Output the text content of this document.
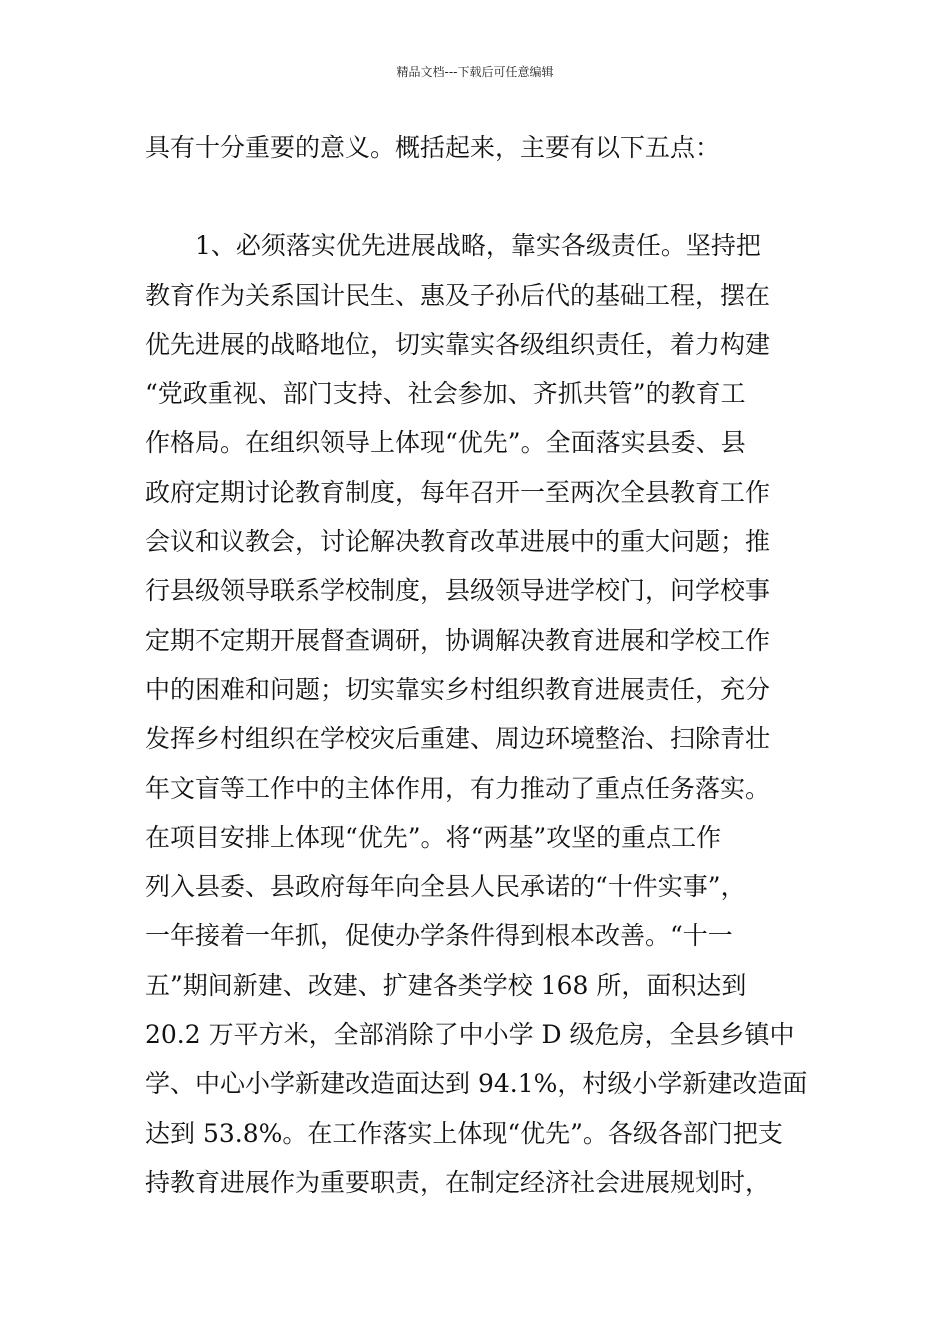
精品文档---下载后可任意编辑
具有十分重要的意义。概括起来，主要有以下五点：
1、必须落实优先进展战略，靠实各级责任。坚持把
教育作为关系国计民生、惠及子孙后代的基础工程，摆在
优先进展的战略地位，切实靠实各级组织责任，着力构建
“党政重视、部门支持、社会参加、齐抓共管”的教育工
作格局。在组织领导上体现“优先”。全面落实县委、县
政府定期讨论教育制度，每年召开一至两次全县教育工作
会议和议教会，讨论解决教育改革进展中的重大问题；推
行县级领导联系学校制度，县级领导进学校门，问学校事
定期不定期开展督查调研，协调解决教育进展和学校工作
中的困难和问题；切实靠实乡村组织教育进展责任，充分
发挥乡村组织在学校灾后重建、周边环境整治、扫除青壮
年文盲等工作中的主体作用，有力推动了重点任务落实。
在项目安排上体现“优先”。将“两基”攻坚的重点工作
列入县委、县政府每年向全县人民承诺的“十件实事”，
一年接着一年抓，促使办学条件得到根本改善。“十一
五”期间新建、改建、扩建各类学校 168 所，面积达到
20.2 万平方米，全部消除了中小学 D 级危房，全县乡镇中
学、中心小学新建改造面达到 94.1%，村级小学新建改造面
达到 53.8%。在工作落实上体现“优先”。各级各部门把支
持教育进展作为重要职责，在制定经济社会进展规划时，
